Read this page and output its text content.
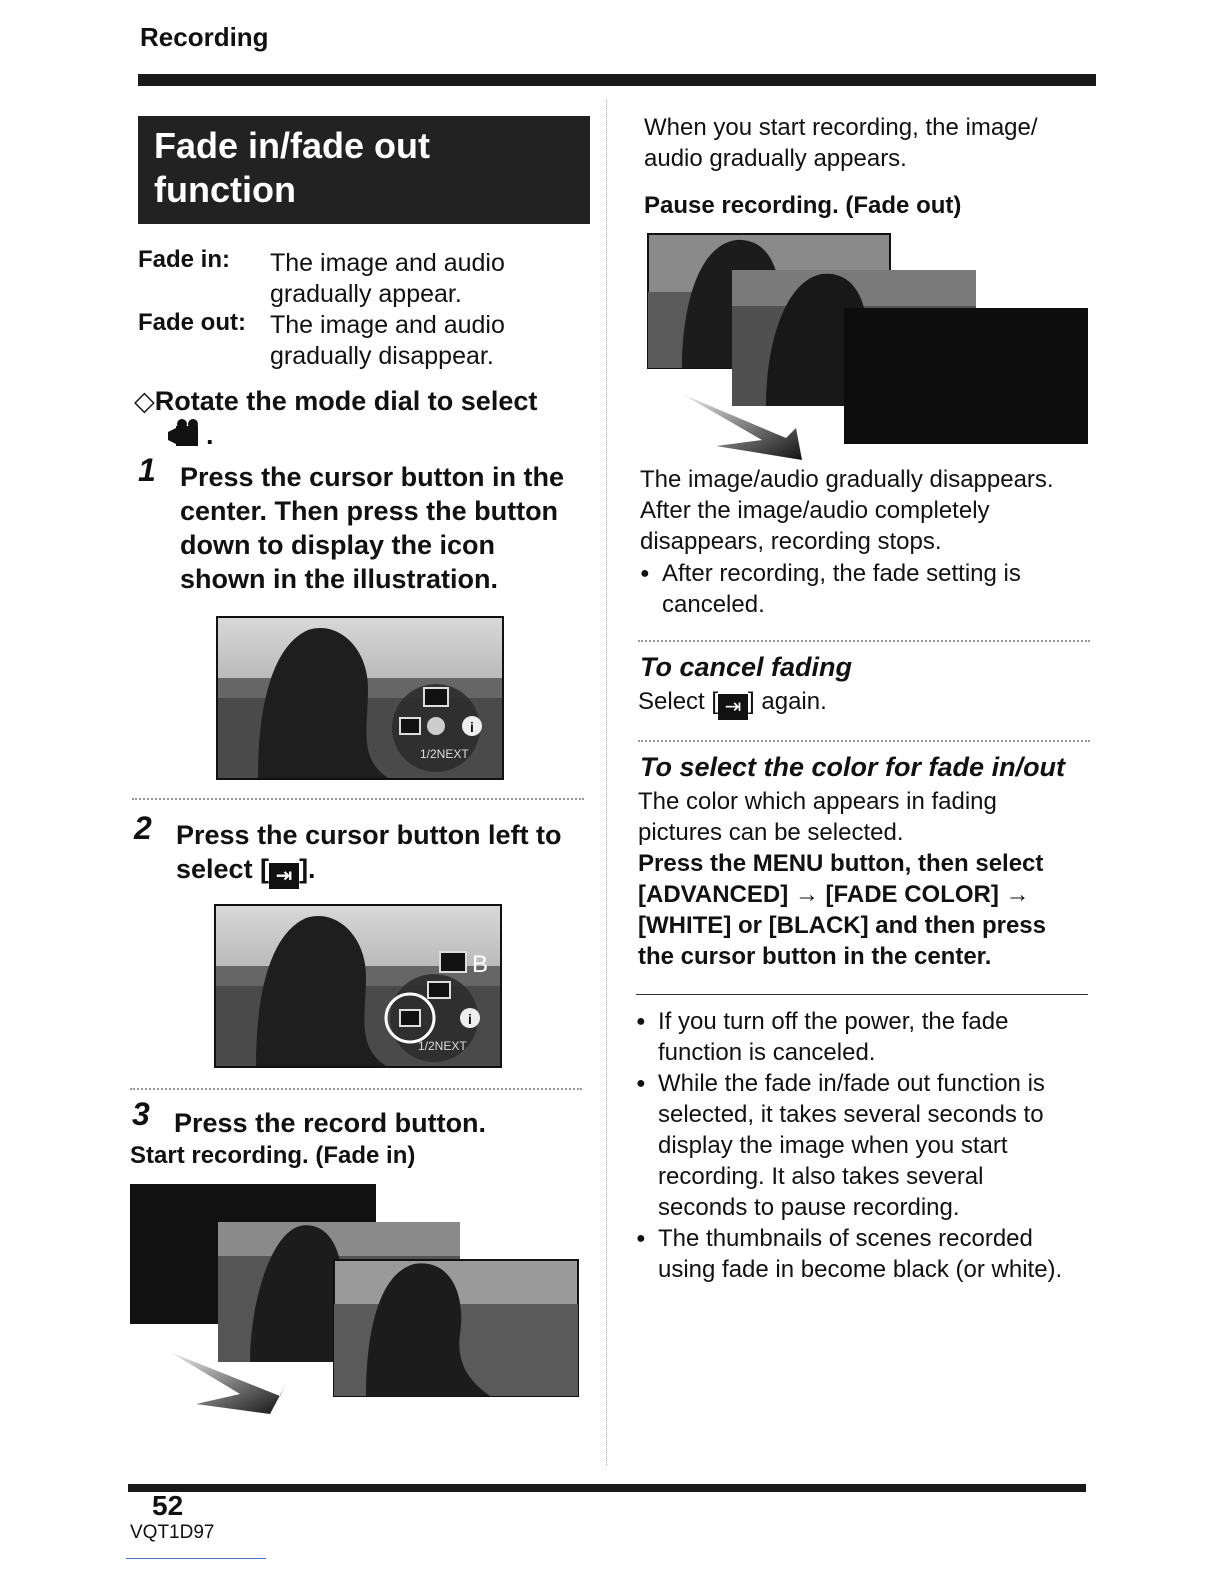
Recording
Fade in/fade out
function
Fade in: The image and audio
gradually appear.
Fade out: The image and audio
gradually disappear.
◇Rotate the mode dial to select
.
1 Press the cursor button in the
center. Then press the button
down to display the icon
shown in the illustration.
i
1/2NEXT
2 Press the cursor button left to
select [ ⇥ ].
B
i
1/2NEXT
3 Press the record button.
Start recording. (Fade in)
When you start recording, the image/
audio gradually appears.
Pause recording. (Fade out)
The image/audio gradually disappears.
After the image/audio completely
disappears, recording stops.
● After recording, the fade setting is
canceled.
To cancel fading
Select [ ⇥ ] again.
To select the color for fade in/out
The color which appears in fading
pictures can be selected.
Press the MENU button, then select
[ADVANCED] → [FADE COLOR] →
[WHITE] or [BLACK] and then press
the cursor button in the center.
● If you turn off the power, the fade
function is canceled.
● While the fade in/fade out function is
selected, it takes several seconds to
display the image when you start
recording. It also takes several
seconds to pause recording.
● The thumbnails of scenes recorded
using fade in become black (or white).
52
VQT1D97
